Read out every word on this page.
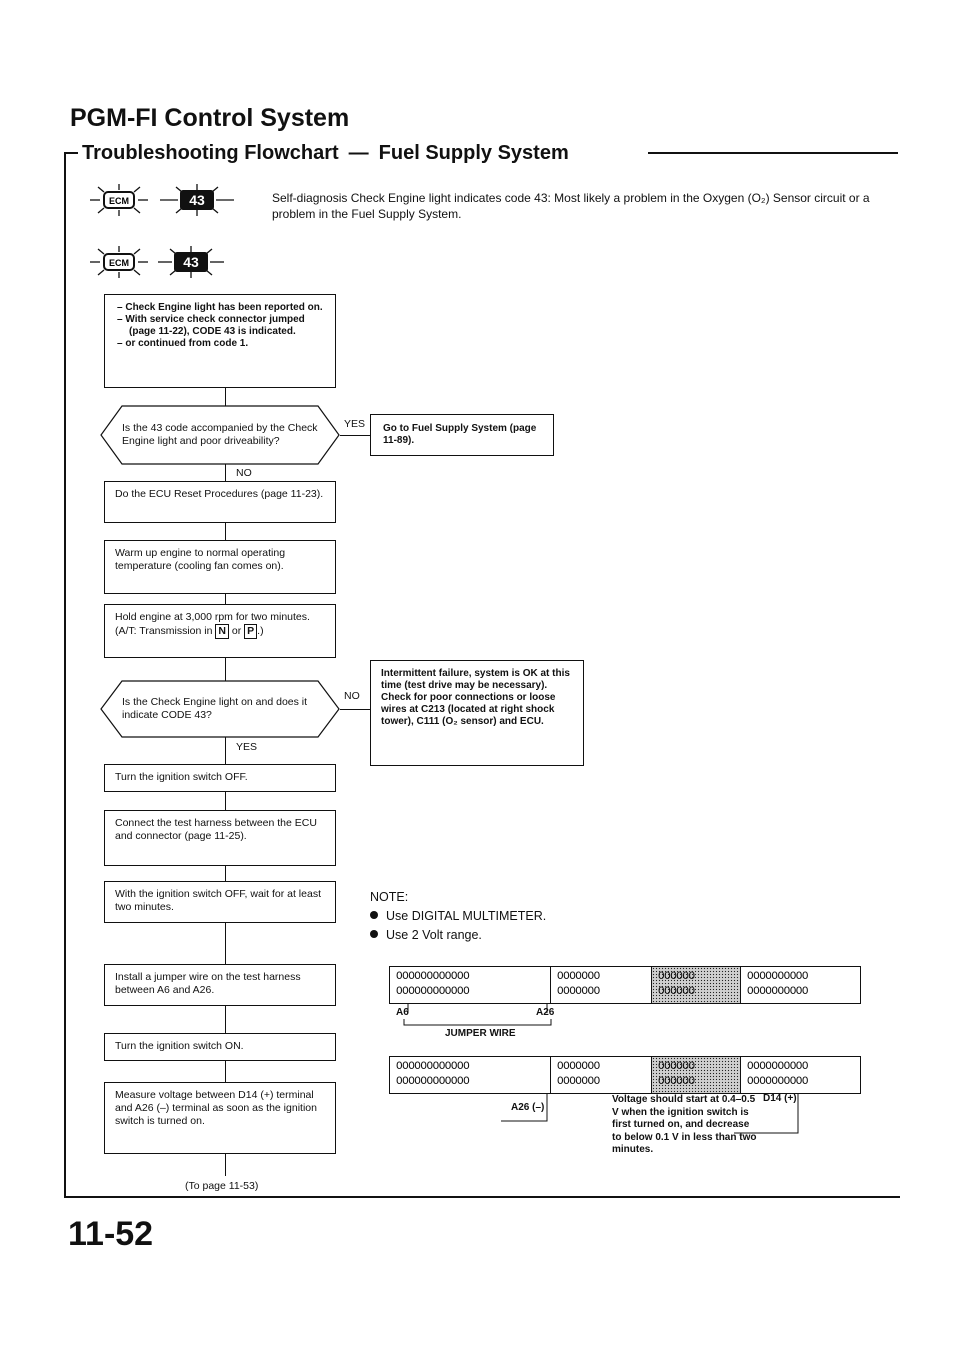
PGM-FI Control System
Troubleshooting Flowchart — Fuel Supply System
ECM	43	Self-diagnosis Check Engine light indicates code 43: Most likely a problem in the Oxygen (O₂) Sensor circuit or a problem in the Fuel Supply System.
ECM	43
– Check Engine light has been reported on.
– With service check connector jumped (page 11-22), CODE 43 is indicated.
– or continued from code 1.
Is the 43 code accompanied by the Check Engine light and poor driveability?
YES	Go to Fuel Supply System (page 11-89).
NO
Do the ECU Reset Procedures (page 11-23).
Warm up engine to normal operating temperature (cooling fan comes on).
Hold engine at 3,000 rpm for two minutes.
(A/T: Transmission in N or P .)
Is the Check Engine light on and does it indicate CODE 43?
NO
Intermittent failure, system is OK at this time (test drive may be necessary). Check for poor connections or loose wires at C213 (located at right shock tower), C111 (O₂ sensor) and ECU.
YES
Turn the ignition switch OFF.
Connect the test harness between the ECU and connector (page 11-25).
With the ignition switch OFF, wait for at least two minutes.
Install a jumper wire on the test harness between A6 and A26.
Turn the ignition switch ON.
Measure voltage between D14 (+) terminal and A26 (–) terminal as soon as the ignition switch is turned on.
(To page 11-53)
NOTE:
Use DIGITAL MULTIMETER.
Use 2 Volt range.
OOOOOOOOOOOO
OOOOOOOOOOOO
OOOOOOO
OOOOOOO
OOOOOO
OOOOOO
OOOOOOOOOO
OOOOOOOOOO
A6	A26
JUMPER WIRE
OOOOOOOOOOOO
OOOOOOOOOOOO
OOOOOOO
OOOOOOO
OOOOOO
OOOOOO
OOOOOOOOOO
OOOOOOOOOO
A26 (–)
D14 (+)
Voltage should start at 0.4–0.5 V when the ignition switch is first turned on, and decrease to below 0.1 V in less than two minutes.
11-52
